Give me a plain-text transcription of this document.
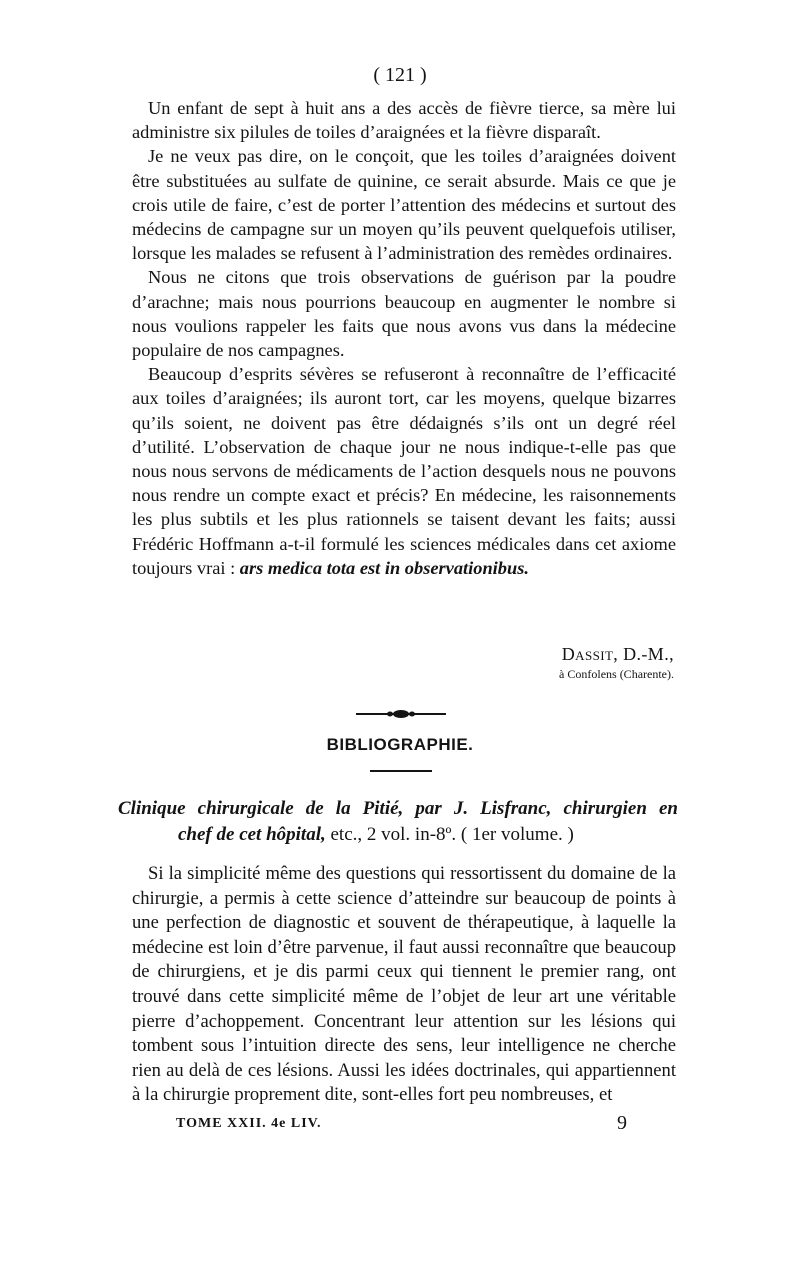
( 121 )

Un enfant de sept à huit ans a des accès de fièvre tierce, sa mère lui administre six pilules de toiles d’araignées et la fièvre disparaît.

Je ne veux pas dire, on le conçoit, que les toiles d’araignées doivent être substituées au sulfate de quinine, ce serait absurde. Mais ce que je crois utile de faire, c’est de porter l’attention des médecins et surtout des médecins de campagne sur un moyen qu’ils peuvent quelquefois utiliser, lorsque les malades se refusent à l’administration des remèdes ordinaires.

Nous ne citons que trois observations de guérison par la poudre d’arachne; mais nous pourrions beaucoup en augmenter le nombre si nous voulions rappeler les faits que nous avons vus dans la médecine populaire de nos campagnes.

Beaucoup d’esprits sévères se refuseront à reconnaître de l’efficacité aux toiles d’araignées; ils auront tort, car les moyens, quelque bizarres qu’ils soient, ne doivent pas être dédaignés s’ils ont un degré réel d’utilité. L’observation de chaque jour ne nous indique-t-elle pas que nous nous servons de médicaments de l’action desquels nous ne pouvons nous rendre un compte exact et précis? En médecine, les raisonnements les plus subtils et les plus rationnels se taisent devant les faits; aussi Frédéric Hoffmann a-t-il formulé les sciences médicales dans cet axiome toujours vrai : ars medica tota est in observationibus.

Dassit, D.-M.,
à Confolens (Charente).
BIBLIOGRAPHIE.
Clinique chirurgicale de la Pitié, par J. Lisfranc, chirurgien en
chef de cet hôpital, etc., 2 vol. in-8º. ( 1er volume. )

Si la simplicité même des questions qui ressortissent du domaine de la chirurgie, a permis à cette science d’atteindre sur beaucoup de points à une perfection de diagnostic et souvent de thérapeutique, à laquelle la médecine est loin d’être parvenue, il faut aussi reconnaître que beaucoup de chirurgiens, et je dis parmi ceux qui tiennent le premier rang, ont trouvé dans cette simplicité même de l’objet de leur art une véritable pierre d’achoppement. Concentrant leur attention sur les lésions qui tombent sous l’intuition directe des sens, leur intelligence ne cherche rien au delà de ces lésions. Aussi les idées doctrinales, qui appartiennent à la chirurgie proprement dite, sont-elles fort peu nombreuses, et

TOME XXII. 4e LIV.	9
